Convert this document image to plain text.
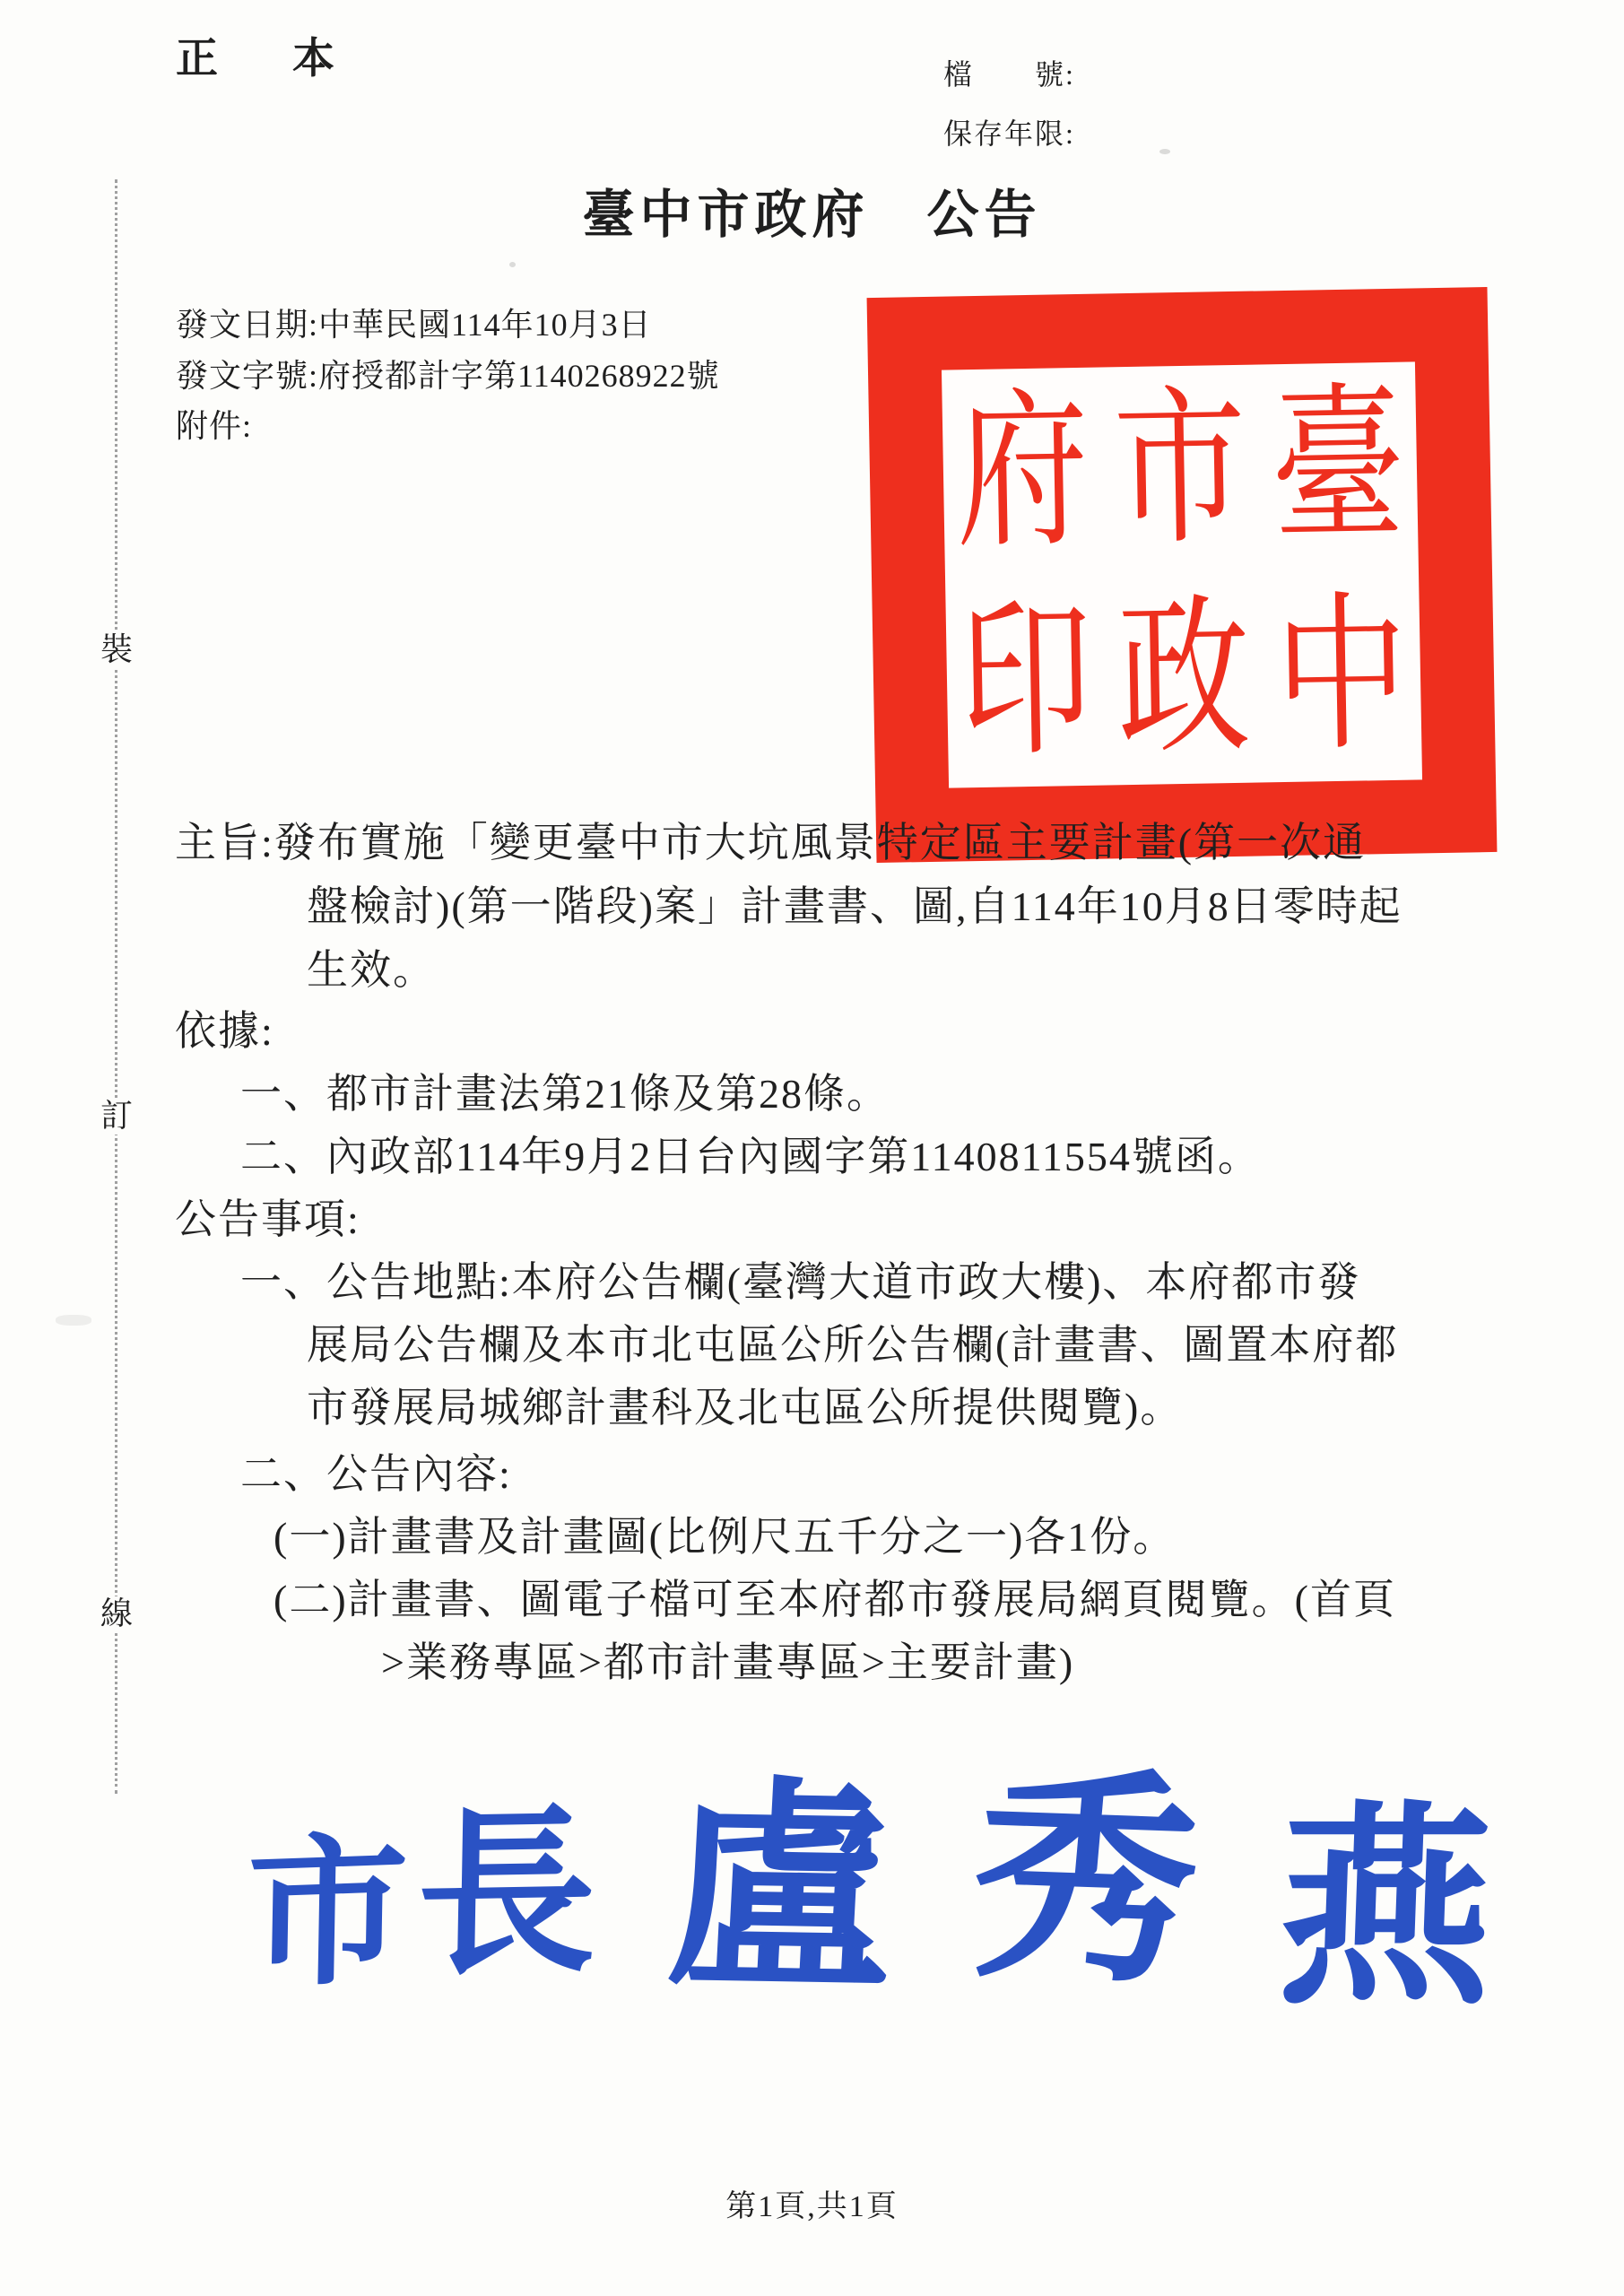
裝
訂
線
正　本	檔　　號:
保存年限:
臺中市政府　公告
發文日期:中華民國114年10月3日
發文字號:府授都計字第1140268922號
附件:	府
印
市
政
臺
中
主旨:發布實施「變更臺中市大坑風景特定區主要計畫(第一次通
盤檢討)(第一階段)案」計畫書、圖,自114年10月8日零時起
生效。
依據:
一、都市計畫法第21條及第28條。
二、內政部114年9月2日台內國字第1140811554號函。
公告事項:
一、公告地點:本府公告欄(臺灣大道市政大樓)、本府都市發
展局公告欄及本市北屯區公所公告欄(計畫書、圖置本府都
市發展局城鄉計畫科及北屯區公所提供閱覽)。
二、公告內容:
(一)計畫書及計畫圖(比例尺五千分之一)各1份。
(二)計畫書、圖電子檔可至本府都市發展局網頁閱覽。(首頁
>業務專區>都市計畫專區>主要計畫)
市 長 盧 秀 燕
第1頁,共1頁
